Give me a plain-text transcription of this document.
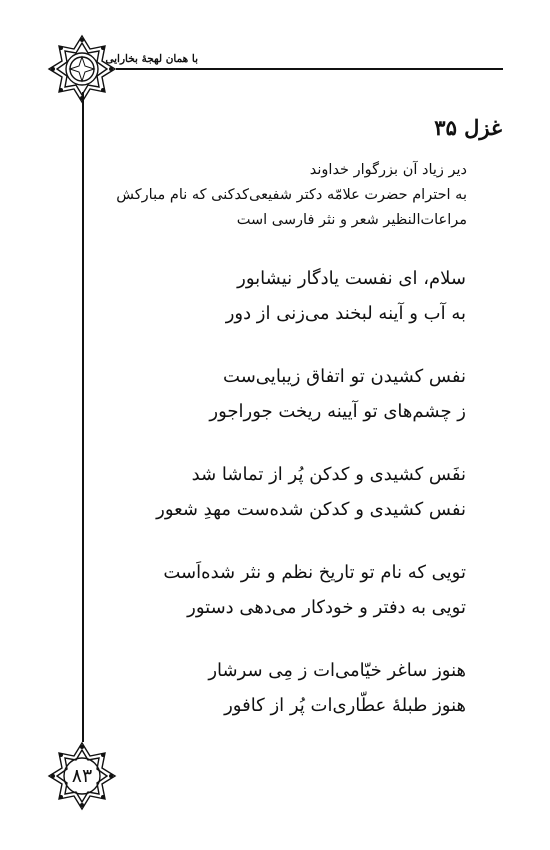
با همان لهجهٔ بخارایی
غزل ۳۵
دیر زیاد آن بزرگوار خداوند
به احترام حضرت علامّه دکتر شفیعی‌کدکنی که نام مبارکش
مراعات‌النظیر شعر و نثر فارسی است
سلام، ای نفست یادگار نیشابور
به آب و آینه لبخند می‌زنی از دور
نفس کشیدن تو اتفاق زیبایی‌ست
ز چشم‌های تو آیینه ریخت جوراجور
نفَس کشیدی و کدکن پُر از تماشا شد
نفس کشیدی و کدکن شده‌ست مهدِ شعور
تویی که نام تو تاریخ نظم و نثر شده‌اَست
تویی به دفتر و خودکار می‌دهی دستور
هنوز ساغر خیّامی‌ات ز مِی سرشار
هنوز طبلهٔ عطّاری‌ات پُر از کافور
۸۳
